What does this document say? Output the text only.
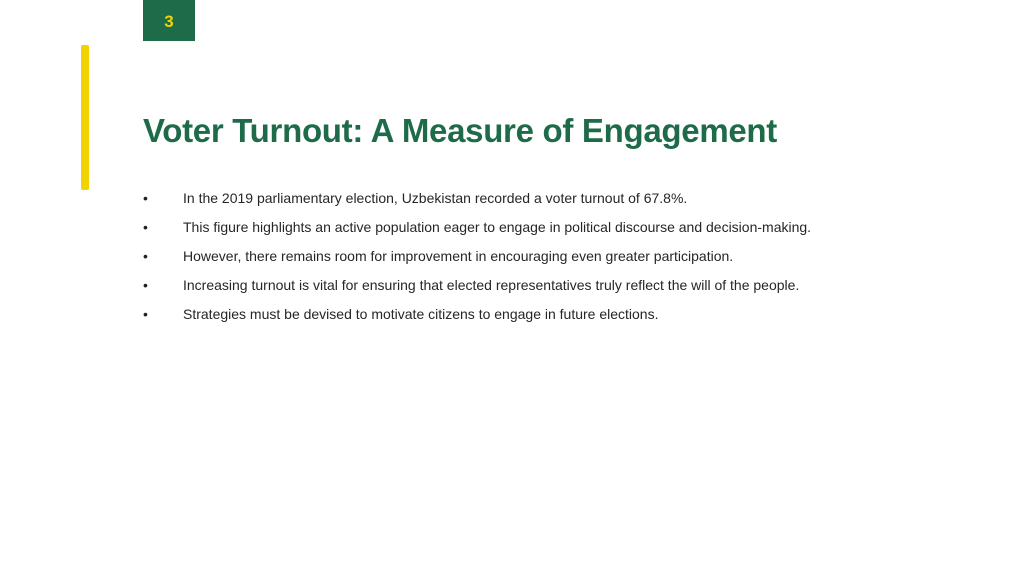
3
Voter Turnout: A Measure of Engagement
•	In the 2019 parliamentary election, Uzbekistan recorded a voter turnout of 67.8%.
•	This figure highlights an active population eager to engage in political discourse and decision-making.
•	However, there remains room for improvement in encouraging even greater participation.
•	Increasing turnout is vital for ensuring that elected representatives truly reflect the will of the people.
•	Strategies must be devised to motivate citizens to engage in future elections.
